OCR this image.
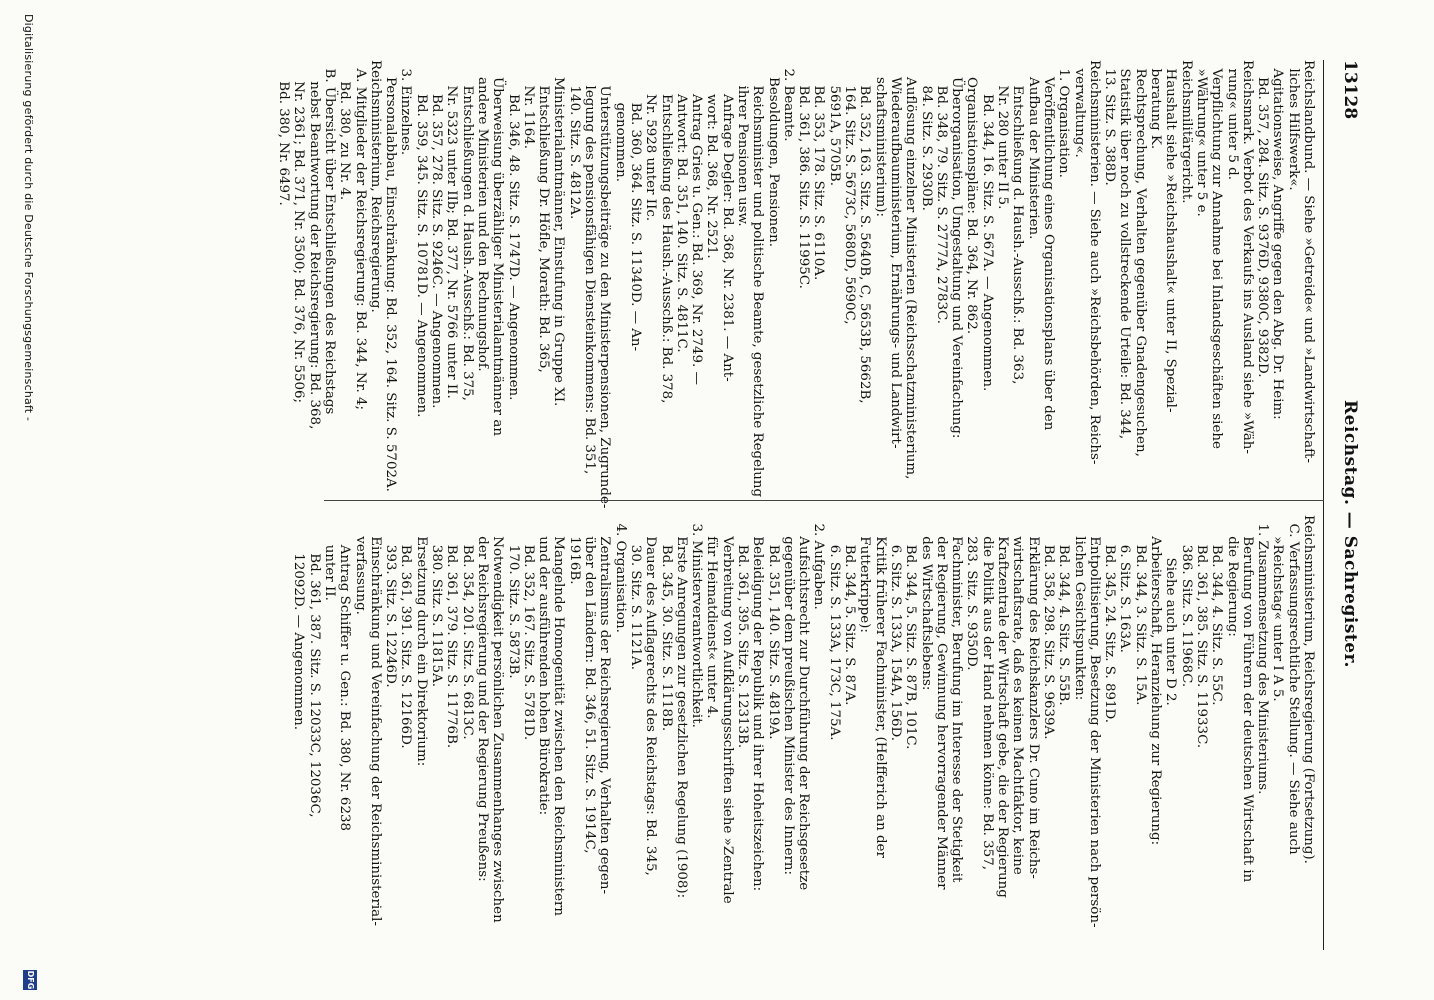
13128
Reichstag. — Sachregister.
Reichslandbund. — Siehe »Getreide« und »Landwirtschaft-
liches Hilfswerk«.
Agitationsweise, Angriffe gegen den Abg. Dr. Heim:
Bd. 357, 284. Sitz. S. 9376D, 9380C, 9382D.
Reichsmark. Verbot des Verkaufs ins Ausland siehe »Wäh-
rung« unter 5 d.
Verpflichtung zur Annahme bei Inlandsgeschäften siehe
»Währung« unter 5 e.
Reichsmilitärgericht.
Haushalt siehe »Reichshaushalt« unter II, Spezial-
beratung K.
Rechtsprechung, Verhalten gegenüber Gnadengesuchen,
Statistik über noch zu vollstreckende Urteile: Bd. 344,
13. Sitz. S. 388D.
Reichsministerien. — Siehe auch »Reichsbehörden, Reichs-
verwaltung«.
1. Organisation.
Veröffentlichung eines Organisationsplans über den
Aufbau der Ministerien.
Entschließung d. Haush.-Ausschß.: Bd. 363,
Nr. 280 unter II 5.
Bd. 344, 16. Sitz. S. 567A. — Angenommen.
Organisationspläne: Bd. 364, Nr. 862.
Überorganisation, Umgestaltung und Vereinfachung:
Bd. 348, 79. Sitz. S. 2777A, 2783C.
84. Sitz. S. 2930B.
Auflösung einzelner Ministerien (Reichsschatzministerium,
Wiederaufbauministerium, Ernährungs- und Landwirt-
schaftsministerium):
Bd. 352, 163. Sitz. S. 5640B, C, 5653B, 5662B,
164. Sitz. S. 5673C, 5680D, 5690C,
5691A, 5705B.
Bd. 353, 178. Sitz. S. 6110A.
Bd. 361, 386. Sitz. S. 11995C.
2. Beamte.
Besoldungen, Pensionen.
Reichsminister und politische Beamte, gesetzliche Regelung
ihrer Pensionen usw.
Anfrage Degler: Bd. 368, Nr. 2381. — Ant-
wort: Bd. 368, Nr. 2521.
Antrag Gries u. Gen.: Bd. 369, Nr. 2749. —
Antwort: Bd. 351, 140. Sitz. S. 4811C.
Entschließung des Haush.-Ausschß.: Bd. 378,
Nr. 5928 unter IIc.
Bd. 360, 364. Sitz. S. 11340D. — An-
genommen.
Unterstützungsbeiträge zu den Ministerpensionen, Zugrunde-
legung des pensionsfähigen Diensteinkommens: Bd. 351,
140. Sitz. S. 4812A.
Ministerialamtmänner, Einstufung in Gruppe XI.
Entschließung Dr. Höfle, Morath: Bd. 365,
Nr. 1164.
Bd. 346, 48. Sitz. S. 1747D. — Angenommen.
Überweisung überzähliger Ministerialamtmänner an
andere Ministerien und den Rechnungshof.
Entschließungen d. Haush.-Ausschß.: Bd. 375,
Nr. 5323 unter IIb; Bd. 377, Nr. 5766 unter II.
Bd. 357, 278. Sitz. S. 9246C. — Angenommen.
Bd. 359, 345. Sitz. S. 10781D. — Angenommen.
3. Einzelnes.
Personalabbau, Einschränkung: Bd. 352, 164. Sitz. S. 5702A.
Reichsministerium, Reichsregierung.
A. Mitglieder der Reichsregierung: Bd. 344, Nr. 4;
Bd. 380, zu Nr. 4.
B. Übersicht über Entschließungen des Reichstags
nebst Beantwortung der Reichsregierung: Bd. 368,
Nr. 2361; Bd. 371, Nr. 3500; Bd. 376, Nr. 5506;
Bd. 380, Nr. 6497.
Reichsministerium, Reichsregierung (Fortsetzung).
C. Verfassungsrechtliche Stellung. — Siehe auch
»Reichstag« unter I A 5.
1. Zusammensetzung des Ministeriums.
Berufung von Führern der deutschen Wirtschaft in
die Regierung:
Bd. 344, 4. Sitz. S. 55C.
Bd. 361, 385. Sitz. S. 11933C.
386. Sitz. S. 11968C.
Siehe auch unter D 2.
Arbeiterschaft, Heranziehung zur Regierung:
Bd. 344, 3. Sitz. S. 15A.
6. Sitz. S. 163A.
Bd. 345, 24. Sitz. S. 891D.
Entpolitisierung, Besetzung der Ministerien nach persön-
lichen Gesichtspunkten:
Bd. 344, 4. Sitz. S. 55B.
Bd. 358, 298. Sitz. S. 9639A.
Erklärung des Reichskanzlers Dr. Cuno im Reichs-
wirtschaftsrate, daß es keinen Machtfaktor, keine
Kraftzentrale der Wirtschaft gebe, die der Regierung
die Politik aus der Hand nehmen könne: Bd. 357,
283. Sitz. S. 9350D.
Fachminister, Berufung im Interesse der Stetigkeit
der Regierung, Gewinnung hervorragender Männer
des Wirtschaftslebens:
Bd. 344, 5. Sitz. S. 87B, 101C.
6. Sitz. S. 133A, 154A, 156D.
Kritik früherer Fachminister, (Helfferich an der
Futterkrippe):
Bd. 344, 5. Sitz. S. 87A.
6. Sitz. S. 133A, 173C, 175A.
2. Aufgaben.
Aufsichtsrecht zur Durchführung der Reichsgesetze
gegenüber dem preußischen Minister des Innern:
Bd. 351, 140. Sitz. S. 4819A.
Beleidigung der Republik und ihrer Hoheitszeichen:
Bd. 361, 395. Sitz. S. 12313B.
Verbreitung von Aufklärungsschriften siehe »Zentrale
für Heimatdienst« unter 4.
3. Ministerverantwortlichkeit.
Erste Anregungen zur gesetzlichen Regelung (1908):
Bd. 345, 30. Sitz. S. 1118B.
Dauer des Auflagerechts des Reichstags: Bd. 345,
30. Sitz. S. 1121A.
4. Organisation.
Zentralismus der Reichsregierung, Verhalten gegen-
über den Ländern: Bd. 346, 51. Sitz. S. 1914C,
1916B.
Mangelnde Homogenität zwischen den Reichsministern
und der ausführenden hohen Bürokratie:
Bd. 352, 167. Sitz. S. 5781D.
170. Sitz. S. 5873B.
Notwendigkeit persönlichen Zusammenhanges zwischen
der Reichsregierung und der Regierung Preußens:
Bd. 354, 201. Sitz. S. 6813C.
Bd. 361, 379. Sitz. S. 11776B.
380. Sitz. S. 11815A.
Ersetzung durch ein Direktorium:
Bd. 361, 391. Sitz. S. 12166D.
393. Sitz. S. 12246D.
Einschränkung und Vereinfachung der Reichsministerial-
verfassung.
Antrag Schiffer u. Gen.: Bd. 380, Nr. 6238
unter II.
Bd. 361, 387. Sitz. S. 12033C, 12036C,
12092D. — Angenommen.
Digitalisierung gefördert durch die Deutsche Forschungsgemeinschaft -
DFG
